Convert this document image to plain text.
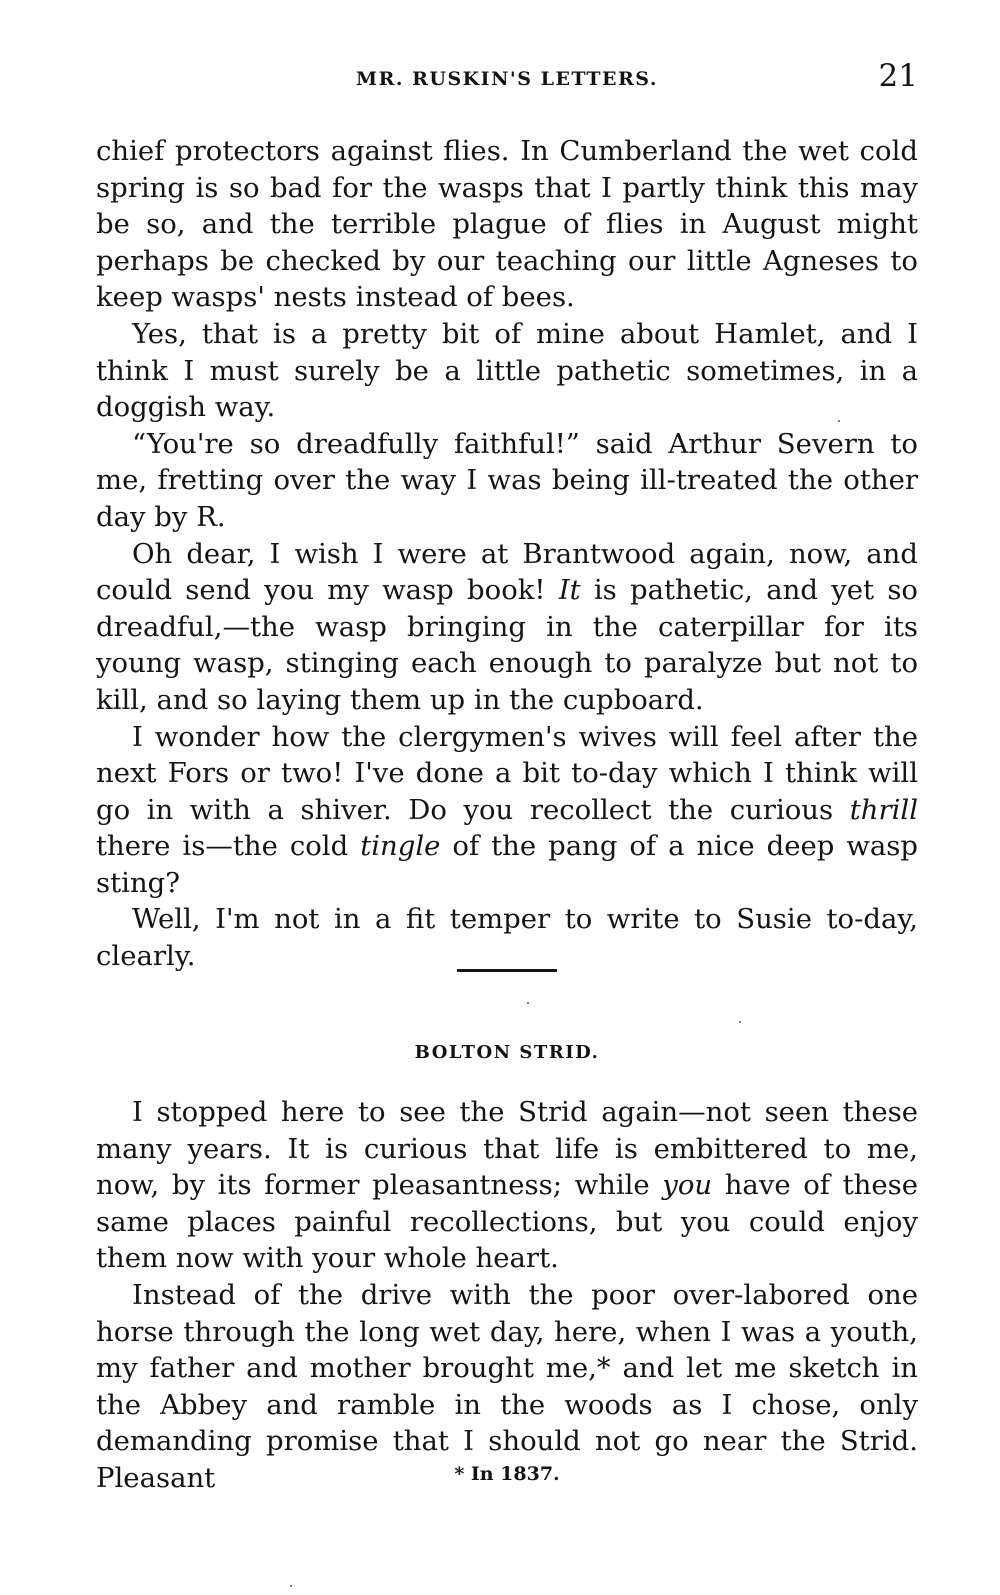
MR. RUSKIN'S LETTERS.	21

chief protectors against flies. In Cumberland the wet cold spring is so bad for the wasps that I partly think this may be so, and the terrible plague of flies in August might perhaps be checked by our teaching our little Agneses to keep wasps' nests instead of bees.

Yes, that is a pretty bit of mine about Hamlet, and I think I must surely be a little pathetic sometimes, in a doggish way.

“You're so dreadfully faithful!” said Arthur Severn to me, fretting over the way I was being ill-treated the other day by R.

Oh dear, I wish I were at Brantwood again, now, and could send you my wasp book! It is pathetic, and yet so dreadful,—the wasp bringing in the caterpillar for its young wasp, stinging each enough to paralyze but not to kill, and so laying them up in the cupboard.

I wonder how the clergymen's wives will feel after the next Fors or two! I've done a bit to-day which I think will go in with a shiver. Do you recollect the curious thrill there is—the cold tingle of the pang of a nice deep wasp sting?

Well, I'm not in a fit temper to write to Susie to-day, clearly.

BOLTON STRID.

I stopped here to see the Strid again—not seen these many years. It is curious that life is embittered to me, now, by its former pleasantness; while you have of these same places painful recollections, but you could enjoy them now with your whole heart.

Instead of the drive with the poor over-labored one horse through the long wet day, here, when I was a youth, my father and mother brought me,* and let me sketch in the Abbey and ramble in the woods as I chose, only demanding promise that I should not go near the Strid. Pleasant	* In 1837.
